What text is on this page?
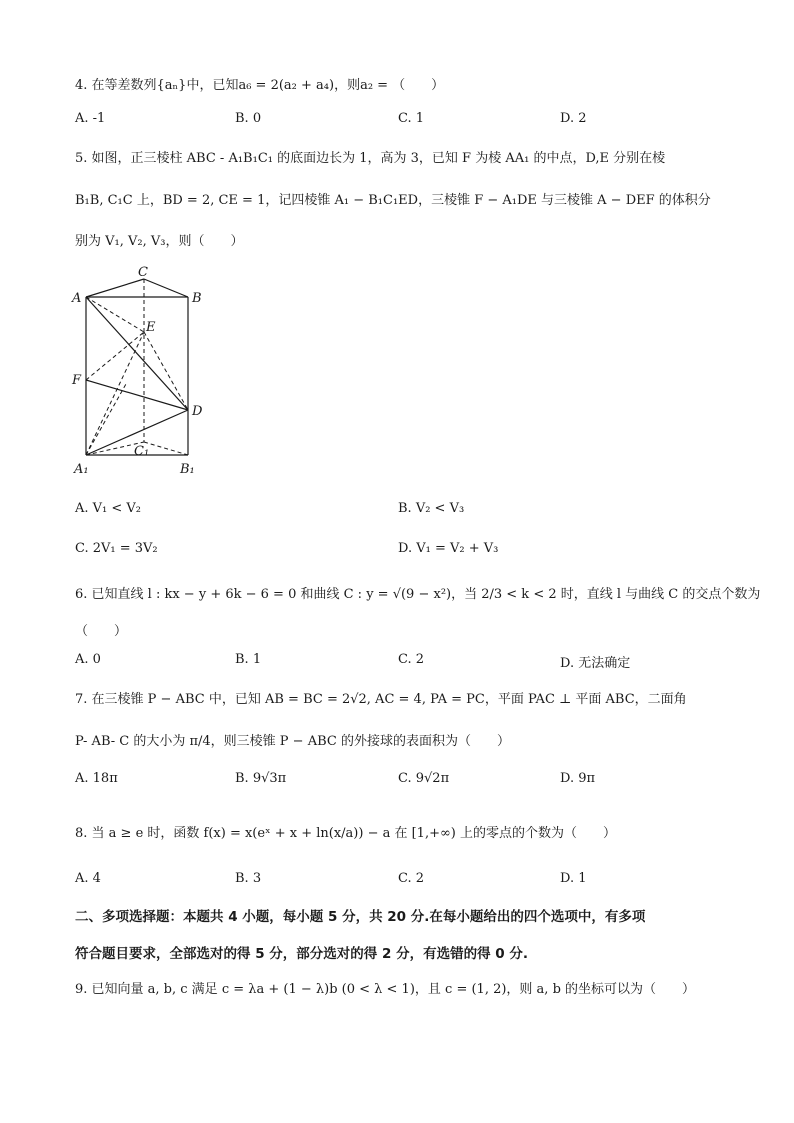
4. 在等差数列{aₙ}中，已知a₆ = 2(a₂ + a₄)，则a₂ = （　　）
A. -1	B. 0	C. 1	D. 2
5. 如图，正三棱柱 ABC - A₁B₁C₁ 的底面边长为 1，高为 3，已知 F 为棱 AA₁ 的中点，D,E 分别在棱
B₁B, C₁C 上，BD = 2, CE = 1，记四棱锥 A₁ − B₁C₁ED，三棱锥 F − A₁DE 与三棱锥 A − DEF 的体积分
别为 V₁, V₂, V₃，则（　　）
C
A	B
E
F
D
C₁
A₁	B₁
A. V₁ < V₂	B. V₂ < V₃
C. 2V₁ = 3V₂	D. V₁ = V₂ + V₃
6. 已知直线 l : kx − y + 6k − 6 = 0 和曲线 C : y = √(9 − x²)，当 2/3 < k < 2 时，直线 l 与曲线 C 的交点个数为
（　　）
A. 0	B. 1	C. 2	D. 无法确定
7. 在三棱锥 P − ABC 中，已知 AB = BC = 2√2, AC = 4, PA = PC，平面 PAC ⊥ 平面 ABC，二面角
P- AB- C 的大小为 π/4，则三棱锥 P − ABC 的外接球的表面积为（　　）
A. 18π	B. 9√3π	C. 9√2π	D. 9π
8. 当 a ≥ e 时，函数 f(x) = x(eˣ + x + ln(x/a)) − a 在 [1,+∞) 上的零点的个数为（　　）
A. 4	B. 3	C. 2	D. 1
二、多项选择题：本题共 4 小题，每小题 5 分，共 20 分.在每小题给出的四个选项中，有多项
符合题目要求，全部选对的得 5 分，部分选对的得 2 分，有选错的得 0 分.
9. 已知向量 a, b, c 满足 c = λa + (1 − λ)b (0 < λ < 1)，且 c = (1, 2)，则 a, b 的坐标可以为（　　）
